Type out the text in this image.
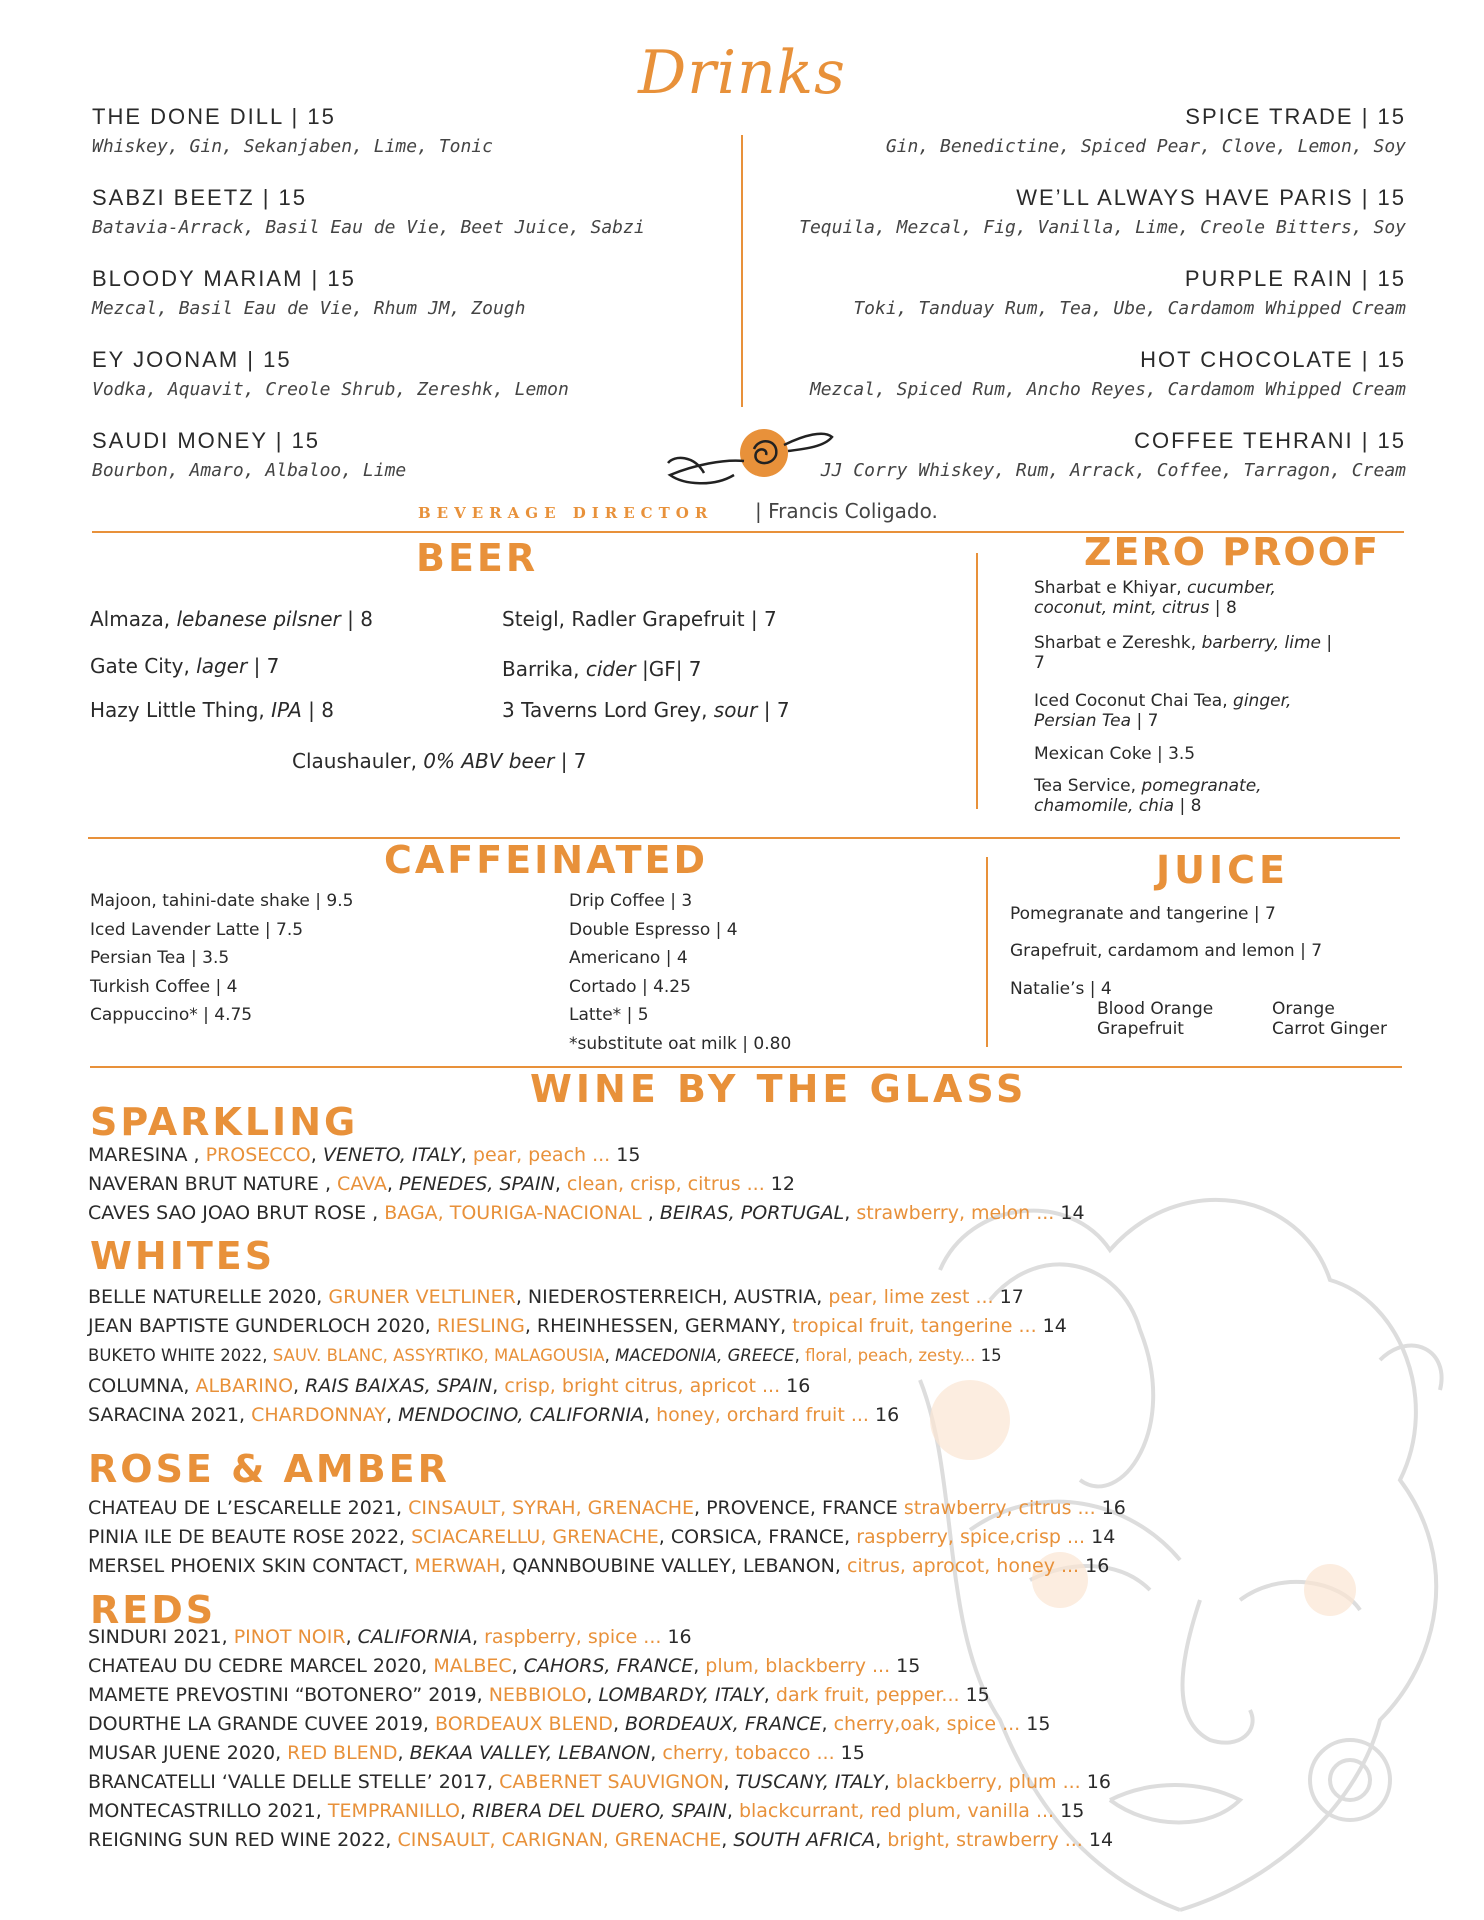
Drinks
THE DONE DILL | 15
Whiskey, Gin, Sekanjaben, Lime, Tonic
SABZI BEETZ | 15
Batavia-Arrack, Basil Eau de Vie, Beet Juice, Sabzi
BLOODY MARIAM | 15
Mezcal, Basil Eau de Vie, Rhum JM, Zough
EY JOONAM | 15
Vodka, Aquavit, Creole Shrub, Zereshk, Lemon
SAUDI MONEY | 15
Bourbon, Amaro, Albaloo, Lime
SPICE TRADE | 15
Gin, Benedictine, Spiced Pear, Clove, Lemon, Soy
WE’LL ALWAYS HAVE PARIS | 15
Tequila, Mezcal, Fig, Vanilla, Lime, Creole Bitters, Soy
PURPLE RAIN | 15
Toki, Tanduay Rum, Tea, Ube, Cardamom Whipped Cream
HOT CHOCOLATE | 15
Mezcal, Spiced Rum, Ancho Reyes, Cardamom Whipped Cream
COFFEE TEHRANI | 15
JJ Corry Whiskey, Rum, Arrack, Coffee, Tarragon, Cream
BEVERAGE DIRECTOR | Francis Coligado.
BEER
Almaza, lebanese pilsner | 8	Steigl, Radler Grapefruit | 7
Gate City, lager | 7	Barrika, cider |GF| 7
Hazy Little Thing, IPA | 8	3 Taverns Lord Grey, sour | 7
Claushauler, 0% ABV beer | 7
ZERO PROOF
Sharbat e Khiyar, cucumber, coconut, mint, citrus | 8
Sharbat e Zereshk, barberry, lime | 7
Iced Coconut Chai Tea, ginger, Persian Tea | 7
Mexican Coke | 3.5
Tea Service, pomegranate, chamomile, chia | 8
CAFFEINATED
Majoon, tahini-date shake | 9.5
Iced Lavender Latte | 7.5
Persian Tea | 3.5
Turkish Coffee | 4
Cappuccino* | 4.75
Drip Coffee | 3
Double Espresso | 4
Americano | 4
Cortado | 4.25
Latte* | 5
*substitute oat milk | 0.80
JUICE
Pomegranate and tangerine | 7
Grapefruit, cardamom and lemon | 7
Natalie’s | 4
Blood Orange
Grapefruit
Orange
Carrot Ginger
WINE BY THE GLASS
SPARKLING
MARESINA , PROSECCO, VENETO, ITALY, pear, peach ... 15
NAVERAN BRUT NATURE , CAVA, PENEDES, SPAIN, clean, crisp, citrus ... 12
CAVES SAO JOAO BRUT ROSE , BAGA, TOURIGA-NACIONAL , BEIRAS, PORTUGAL, strawberry, melon ... 14
WHITES
BELLE NATURELLE 2020, GRUNER VELTLINER, NIEDEROSTERREICH, AUSTRIA, pear, lime zest ... 17
JEAN BAPTISTE GUNDERLOCH 2020, RIESLING, RHEINHESSEN, GERMANY, tropical fruit, tangerine ... 14
BUKETO WHITE 2022, SAUV. BLANC, ASSYRTIKO, MALAGOUSIA, MACEDONIA, GREECE, floral, peach, zesty... 15
COLUMNA, ALBARINO, RAIS BAIXAS, SPAIN, crisp, bright citrus, apricot ... 16
SARACINA 2021, CHARDONNAY, MENDOCINO, CALIFORNIA, honey, orchard fruit ... 16
ROSE & AMBER
CHATEAU DE L’ESCARELLE 2021, CINSAULT, SYRAH, GRENACHE, PROVENCE, FRANCE strawberry, citrus ... 16
PINIA ILE DE BEAUTE ROSE 2022, SCIACARELLU, GRENACHE, CORSICA, FRANCE, raspberry, spice,crisp ... 14
MERSEL PHOENIX SKIN CONTACT, MERWAH, QANNBOUBINE VALLEY, LEBANON, citrus, aprocot, honey ... 16
REDS
SINDURI 2021, PINOT NOIR, CALIFORNIA, raspberry, spice ... 16
CHATEAU DU CEDRE MARCEL 2020, MALBEC, CAHORS, FRANCE, plum, blackberry ... 15
MAMETE PREVOSTINI “BOTONERO” 2019, NEBBIOLO, LOMBARDY, ITALY, dark fruit, pepper... 15
DOURTHE LA GRANDE CUVEE 2019, BORDEAUX BLEND, BORDEAUX, FRANCE, cherry,oak, spice ... 15
MUSAR JUENE 2020, RED BLEND, BEKAA VALLEY, LEBANON, cherry, tobacco ... 15
BRANCATELLI ‘VALLE DELLE STELLE’ 2017, CABERNET SAUVIGNON, TUSCANY, ITALY, blackberry, plum ... 16
MONTECASTRILLO 2021, TEMPRANILLO, RIBERA DEL DUERO, SPAIN, blackcurrant, red plum, vanilla ... 15
REIGNING SUN RED WINE 2022, CINSAULT, CARIGNAN, GRENACHE, SOUTH AFRICA, bright, strawberry ... 14
